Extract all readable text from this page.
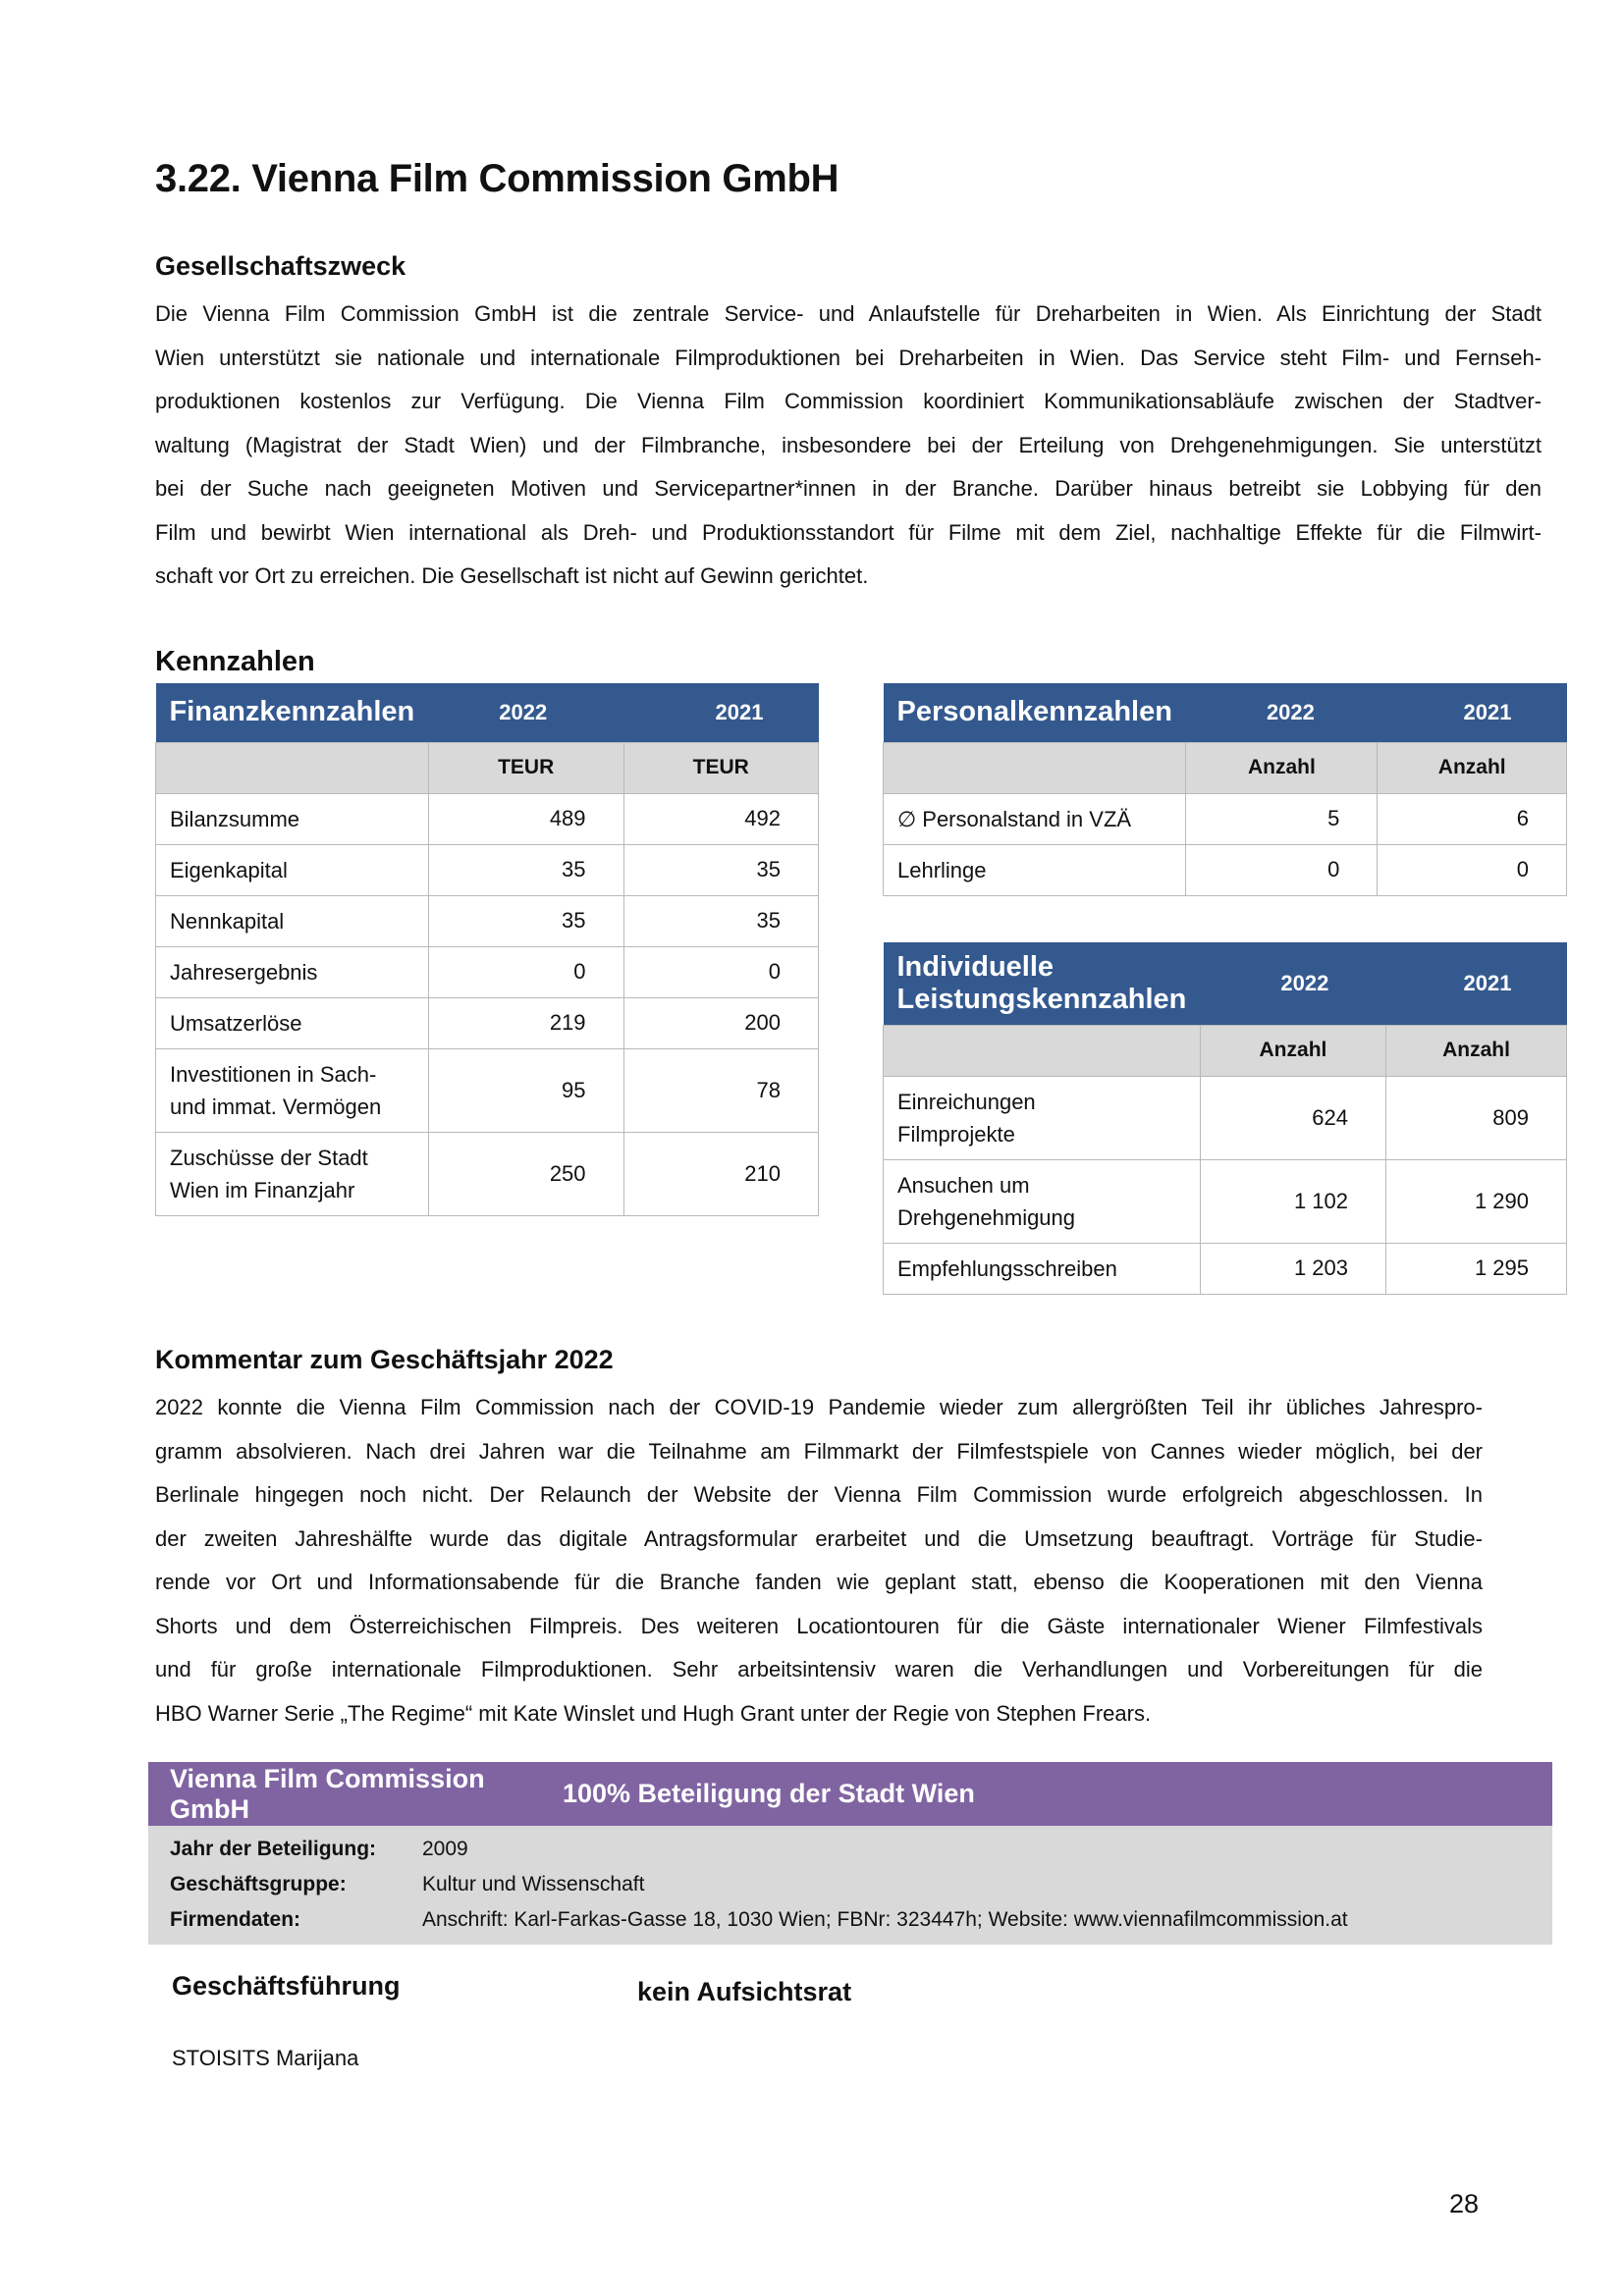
3.22. Vienna Film Commission GmbH
Gesellschaftszweck
Die Vienna Film Commission GmbH ist die zentrale Service- und Anlaufstelle für Dreharbeiten in Wien. Als Einrichtung der Stadt
Wien unterstützt sie nationale und internationale Filmproduktionen bei Dreharbeiten in Wien. Das Service steht Film- und Fernseh-
produktionen kostenlos zur Verfügung. Die Vienna Film Commission koordiniert Kommunikationsabläufe zwischen der Stadtver-
waltung (Magistrat der Stadt Wien) und der Filmbranche, insbesondere bei der Erteilung von Drehgenehmigungen. Sie unterstützt
bei der Suche nach geeigneten Motiven und Servicepartner*innen in der Branche. Darüber hinaus betreibt sie Lobbying für den
Film und bewirbt Wien international als Dreh- und Produktionsstandort für Filme mit dem Ziel, nachhaltige Effekte für die Filmwirt-
schaft vor Ort zu erreichen. Die Gesellschaft ist nicht auf Gewinn gerichtet.
Kennzahlen
Finanzkennzahlen	2022	2021
	TEUR	TEUR
Bilanzsumme	489	492
Eigenkapital	35	35
Nennkapital	35	35
Jahresergebnis	0	0
Umsatzerlöse	219	200

Investitionen in Sach-
und immat. Vermögen	95	78

Zuschüsse der Stadt
Wien im Finanzjahr	250	210
Personalkennzahlen	2022	2021
	Anzahl	Anzahl
∅ Personalstand in VZÄ	5	6
Lehrlinge	0	0
Individuelle
Leistungskennzahlen	2022	2021
	Anzahl	Anzahl

Einreichungen
Filmprojekte	624	809

Ansuchen um
Drehgenehmigung	1 102	1 290
Empfehlungsschreiben	1 203	1 295
Kommentar zum Geschäftsjahr 2022
2022 konnte die Vienna Film Commission nach der COVID-19 Pandemie wieder zum allergrößten Teil ihr übliches Jahrespro-
gramm absolvieren. Nach drei Jahren war die Teilnahme am Filmmarkt der Filmfestspiele von Cannes wieder möglich, bei der
Berlinale hingegen noch nicht. Der Relaunch der Website der Vienna Film Commission wurde erfolgreich abgeschlossen. In
der zweiten Jahreshälfte wurde das digitale Antragsformular erarbeitet und die Umsetzung beauftragt. Vorträge für Studie-
rende vor Ort und Informationsabende für die Branche fanden wie geplant statt, ebenso die Kooperationen mit den Vienna
Shorts und dem Österreichischen Filmpreis. Des weiteren Locationtouren für die Gäste internationaler Wiener Filmfestivals
und für große internationale Filmproduktionen. Sehr arbeitsintensiv waren die Verhandlungen und Vorbereitungen für die
HBO Warner Serie „The Regime“ mit Kate Winslet und Hugh Grant unter der Regie von Stephen Frears.
Vienna Film Commission GmbH
100% Beteiligung der Stadt Wien
Jahr der Beteiligung:	2009
Geschäftsgruppe:	Kultur und Wissenschaft
Firmendaten:	Anschrift: Karl-Farkas-Gasse 18, 1030 Wien; FBNr: 323447h; Website: www.viennafilmcommission.at
Geschäftsführung	kein Aufsichtsrat
STOISITS Marijana
28
